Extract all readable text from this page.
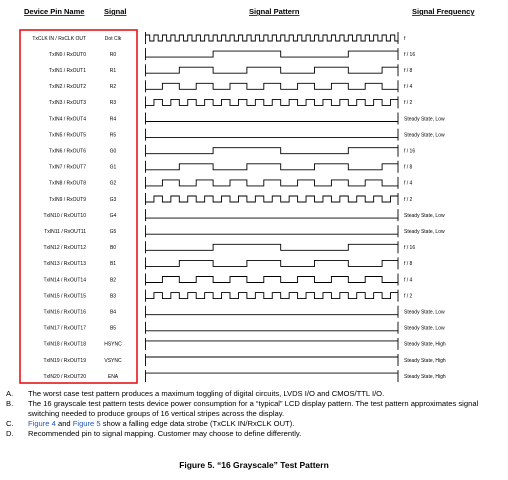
Device Pin Name	Signal	Signal Pattern	Signal Frequency
TxCLK IN / RxCLK OUT	Dot Clk	f
TxIN0 / RxOUT0	R0	f / 16
TxIN1 / RxOUT1	R1	f / 8
TxIN2 / RxOUT2	R2	f / 4
TxIN3 / RxOUT3	R3	f / 2
TxIN4 / RxOUT4	R4	Steady State, Low
TxIN5 / RxOUT5	R5	Steady State, Low
TxIN6 / RxOUT6	G0	f / 16
TxIN7 / RxOUT7	G1	f / 8
TxIN8 / RxOUT8	G2	f / 4
TxIN9 / RxOUT9	G3	f / 2
TxIN10 / RxOUT10	G4	Steady State, Low
TxIN11 / RxOUT11	G5	Steady State, Low
TxIN12 / RxOUT12	B0	f / 16
TxIN13 / RxOUT13	B1	f / 8
TxIN14 / RxOUT14	B2	f / 4
TxIN15 / RxOUT15	B3	f / 2
TxIN16 / RxOUT16	B4	Steady State, Low
TxIN17 / RxOUT17	B5	Steady State, Low
TxIN18 / RxOUT18	HSYNC	Steady State, High
TxIN19 / RxOUT19	VSYNC	Steady State, High
TxIN20 / RxOUT20	ENA	Steady State, High
A.	The worst case test pattern produces a maximum toggling of digital circuits, LVDS I/O and CMOS/TTL I/O.
B.	The 16 grayscale test pattern tests device power consumption for a “typical” LCD display pattern. The test pattern approximates signal switching needed to produce groups of 16 vertical stripes across the display.
C.	Figure 4 and Figure 5 show a falling edge data strobe (TxCLK IN/RxCLK OUT).
D.	Recommended pin to signal mapping. Customer may choose to define differently.
Figure 5. “16 Grayscale” Test Pattern
